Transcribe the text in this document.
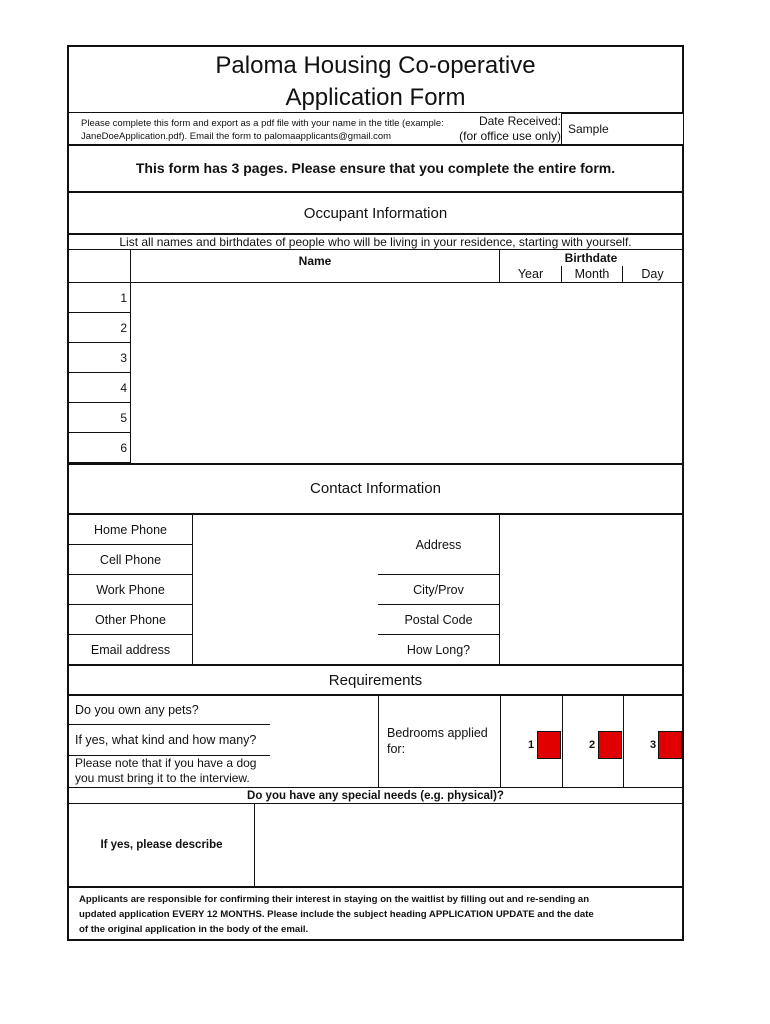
Paloma Housing Co-operative
Application Form
Please complete this form and export as a pdf file with your name in the title (example:
JaneDoeApplication.pdf). Email the form to palomaapplicants@gmail.com
Date Received:
(for office use only) Sample
This form has 3 pages. Please ensure that you complete the entire form.
Occupant Information
List all names and birthdates of people who will be living in your residence, starting with yourself.
Name	Birthdate
Year	Month	Day
1
2
3
4
5
6
Contact Information
Home Phone
Cell Phone
Work Phone
Other Phone
Email address
Address
City/Prov
Postal Code
How Long?
Requirements
Do you own any pets?
If yes, what kind and how many?
Please note that if you have a dog
you must bring it to the interview.
Bedrooms applied
for:	1	2	3
Do you have any special needs (e.g. physical)?
If yes, please describe
Applicants are responsible for confirming their interest in staying on the waitlist by filling out and re-sending an
updated application EVERY 12 MONTHS. Please include the subject heading APPLICATION UPDATE and the date
of the original application in the body of the email.
